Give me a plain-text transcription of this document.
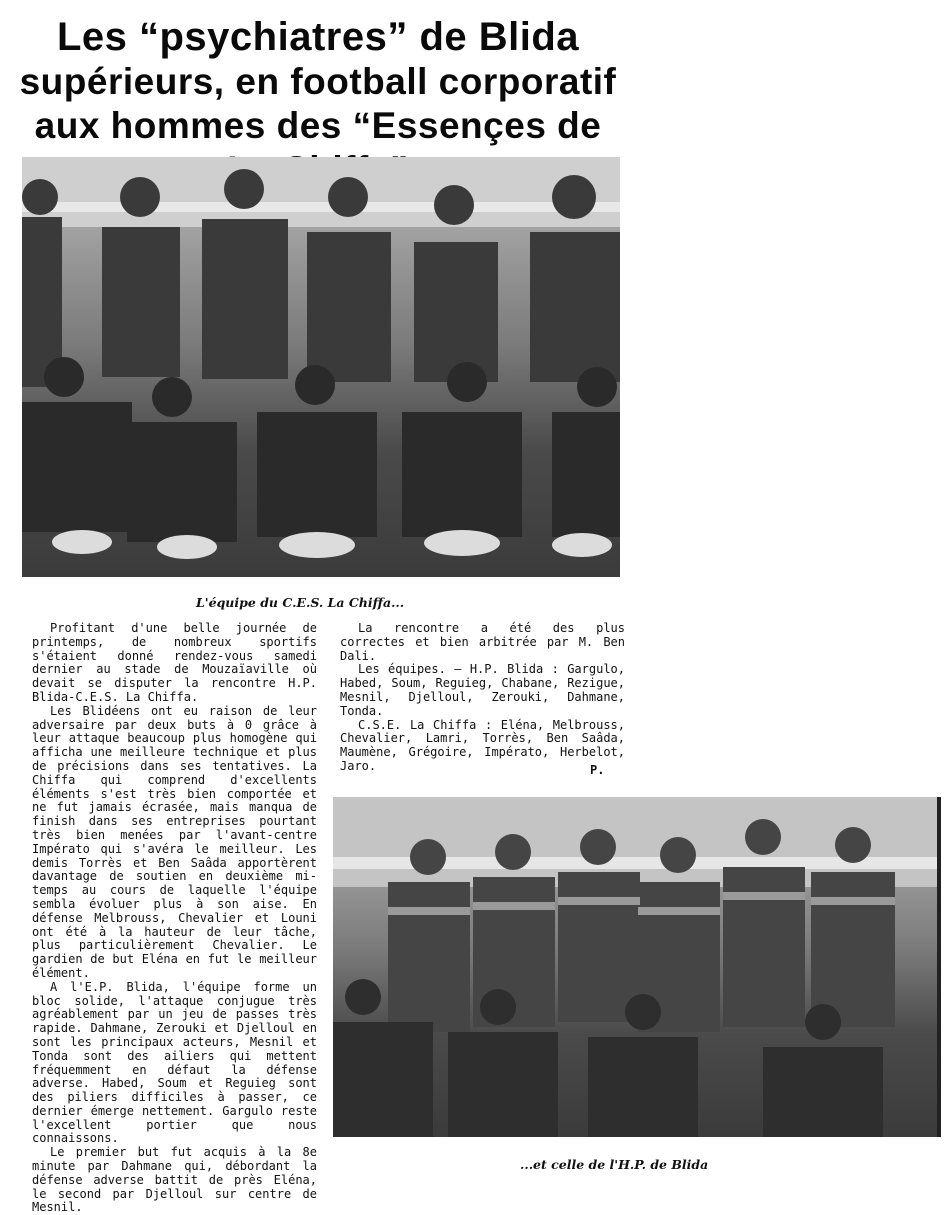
Les “psychiatres” de Blida
supérieurs, en football corporatif
aux hommes des “Essençes de
L'équipe du C.E.S. La Chiffa...

Profitant d'une belle journée de printemps, de nombreux sportifs s'étaient donné rendez-vous samedi dernier au stade de Mouzaïaville où devait se disputer la rencontre H.P. Blida-C.E.S. La Chiffa.

Les Blidéens ont eu raison de leur adversaire par deux buts à 0 grâce à leur attaque beaucoup plus homogène qui afficha une meilleure technique et plus de précisions dans ses tentatives. La Chiffa qui comprend d'excellents éléments s'est très bien comportée et ne fut jamais écrasée, mais manqua de finish dans ses entreprises pourtant très bien menées par l'avant-centre Impérato qui s'avéra le meilleur. Les demis Torrès et Ben Saâda apportèrent davantage de soutien en deuxième mi-temps au cours de laquelle l'équipe sembla évoluer plus à son aise. En défense Melbrouss, Chevalier et Louni ont été à la hauteur de leur tâche, plus particulièrement Chevalier. Le gardien de but Eléna en fut le meilleur élément.

A l'E.P. Blida, l'équipe forme un bloc solide, l'attaque conjugue très agréablement par un jeu de passes très rapide. Dahmane, Zerouki et Djelloul en sont les principaux acteurs, Mesnil et Tonda sont des ailiers qui mettent fréquemment en défaut la défense adverse. Habed, Soum et Reguieg sont des piliers difficiles à passer, ce dernier émerge nettement. Gargulo reste l'excellent portier que nous connaissons.

Le premier but fut acquis à la 8e minute par Dahmane qui, débordant la défense adverse battit de près Eléna, le second par Djelloul sur centre de Mesnil.

La rencontre a été des plus correctes et bien arbitrée par M. Ben Dali.

Les équipes. — H.P. Blida : Gargulo, Habed, Soum, Reguieg, Chabane, Rezigue, Mesnil, Djelloul, Zerouki, Dahmane, Tonda.

C.S.E. La Chiffa : Eléna, Melbrouss, Chevalier, Lamri, Torrès, Ben Saâda, Maumène, Grégoire, Impérato, Herbelot, Jaro.	P.
...et celle de l'H.P. de Blida
